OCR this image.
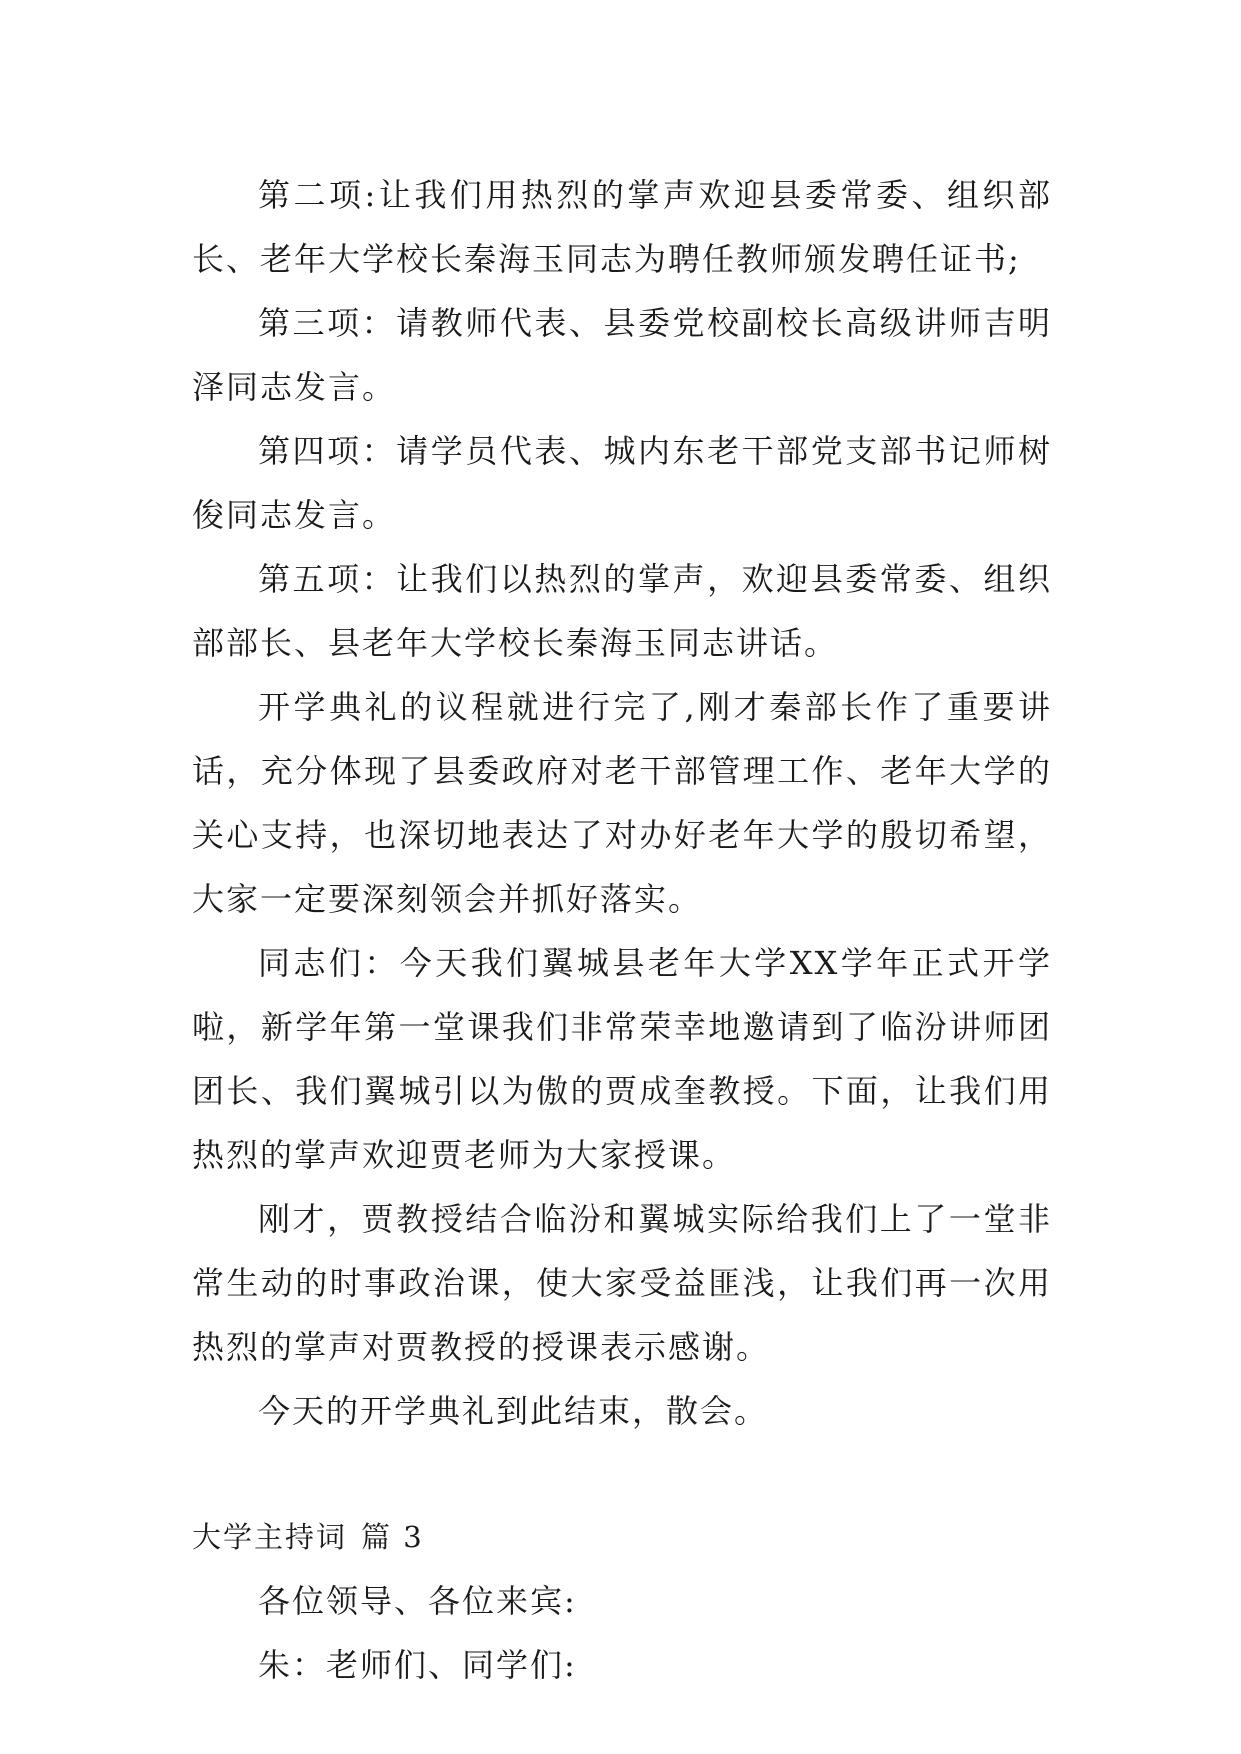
第二项:让我们用热烈的掌声欢迎县委常委、组织部长、老年大学校长秦海玉同志为聘任教师颁发聘任证书;

第三项：请教师代表、县委党校副校长高级讲师吉明泽同志发言。

第四项：请学员代表、城内东老干部党支部书记师树俊同志发言。

第五项：让我们以热烈的掌声，欢迎县委常委、组织部部长、县老年大学校长秦海玉同志讲话。

开学典礼的议程就进行完了,刚才秦部长作了重要讲话，充分体现了县委政府对老干部管理工作、老年大学的关心支持，也深切地表达了对办好老年大学的殷切希望，大家一定要深刻领会并抓好落实。

同志们：今天我们翼城县老年大学XX学年正式开学啦，新学年第一堂课我们非常荣幸地邀请到了临汾讲师团团长、我们翼城引以为傲的贾成奎教授。下面，让我们用热烈的掌声欢迎贾老师为大家授课。

刚才，贾教授结合临汾和翼城实际给我们上了一堂非常生动的时事政治课，使大家受益匪浅，让我们再一次用热烈的掌声对贾教授的授课表示感谢。

今天的开学典礼到此结束，散会。

大学主持词 篇 3

各位领导、各位来宾:

朱：老师们、同学们:
